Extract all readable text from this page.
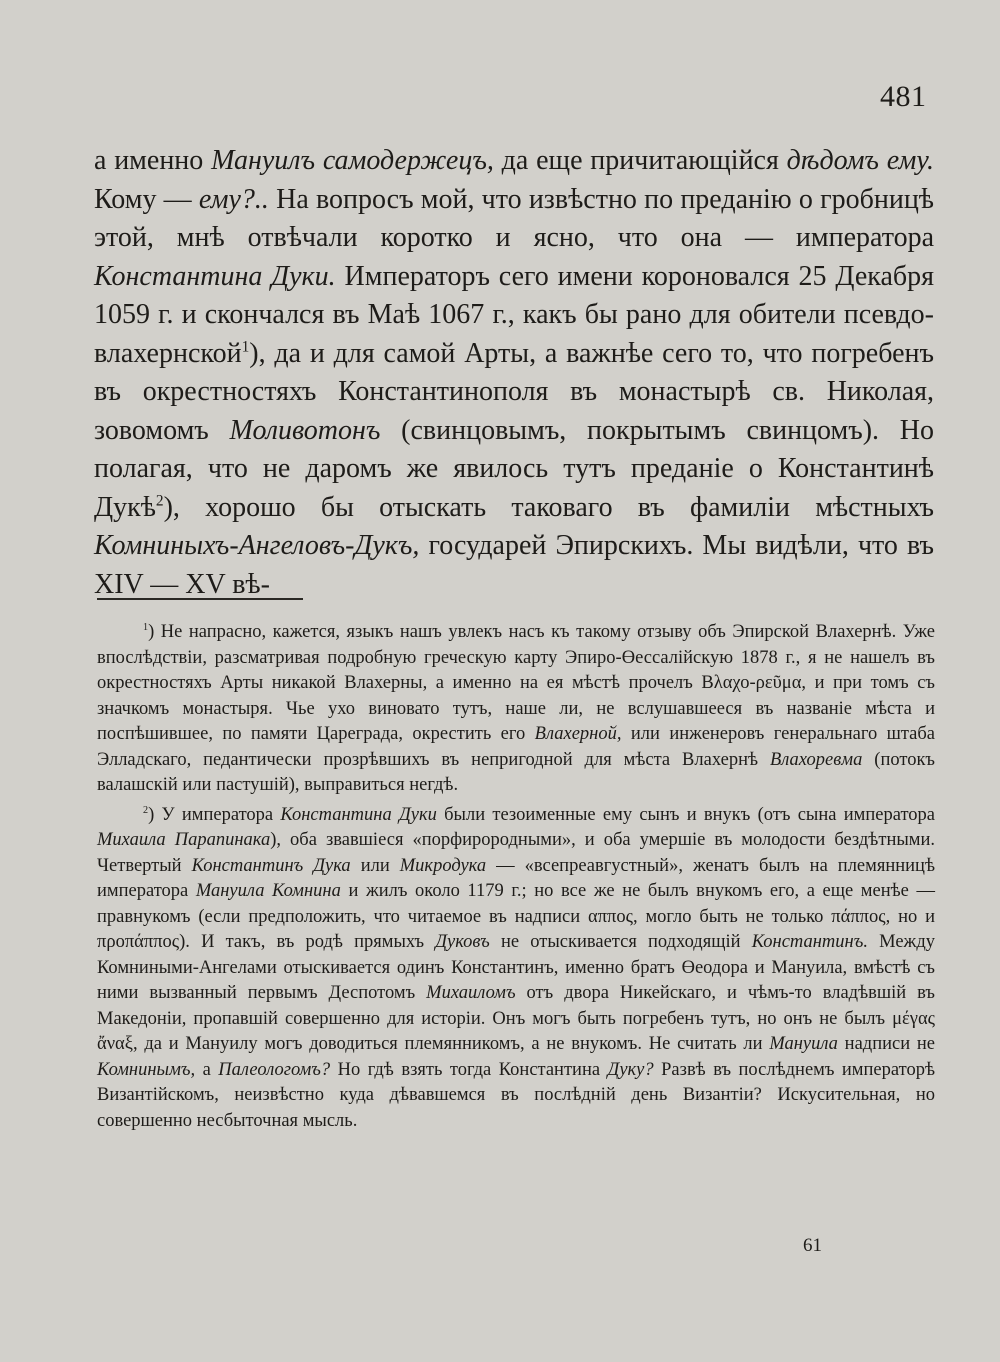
481

а именно Мануилъ самодержецъ, да еще причитающійся дѣдомъ ему. Кому — ему?.. На вопросъ мой, что извѣстно по преданію о гробницѣ этой, мнѣ отвѣчали коротко и ясно, что она — императора Константина Дуки. Императоръ сего имени короновался 25 Декабря 1059 г. и скончался въ Маѣ 1067 г., какъ бы рано для обители псевдо-влахернской$^1$), да и для самой Арты, а важнѣе сего то, что погребенъ въ окрестностяхъ Константинополя въ монастырѣ св. Николая, зовомомъ Моливотонъ (свинцовымъ, покрытымъ свинцомъ). Но полагая, что не даромъ же явилось тутъ преданіе о Константинѣ Дукѣ$^2$), хорошо бы отыскать таковаго въ фамиліи мѣстныхъ Комниныхъ-Ангеловъ-Дукъ, государей Эпирскихъ. Мы видѣли, что въ XIV — XV вѣ-

$^1$) Не напрасно, кажется, языкъ нашъ увлекъ насъ къ такому отзыву объ Эпирской Влахернѣ. Уже впослѣдствіи, разсматривая подробную греческую карту Эпиро-Өессалійскую 1878 г., я не нашелъ въ окрестностяхъ Арты никакой Влахерны, а именно на ея мѣстѣ прочелъ Βλαχο-ρεῦμα, и при томъ съ значкомъ монастыря. Чье ухо виновато тутъ, наше ли, не вслушавшееся въ названіе мѣста и поспѣшившее, по памяти Цареграда, окрестить его Влахерной, или инженеровъ генеральнаго штаба Элладскаго, педантически прозрѣвшихъ въ непригодной для мѣста Влахернѣ Влахоревма (потокъ валашскій или пастушій), выправиться негдѣ.

$^2$) У императора Константина Дуки были тезоименные ему сынъ и внукъ (отъ сына императора Михаила Парапинака), оба звавшіеся «порфирородными», и оба умершіе въ молодости бездѣтными. Четвертый Константинъ Дука или Микродука — «всепреавгустный», женатъ былъ на племянницѣ императора Мануила Комнина и жилъ около 1179 г.; но все же не былъ внукомъ его, а еще менѣе — правнукомъ (если предположить, что читаемое въ надписи αππος, могло быть не только πάππος, но и προπάππος). И такъ, въ родѣ прямыхъ Дуковъ не отыскивается подходящій Константинъ. Между Комниными-Ангелами отыскивается одинъ Константинъ, именно братъ Өеодора и Мануила, вмѣстѣ съ ними вызванный первымъ Деспотомъ Михаиломъ отъ двора Никейскаго, и чѣмъ-то владѣвшій въ Македоніи, пропавшій совершенно для исторіи. Онъ могъ быть погребенъ тутъ, но онъ не былъ μέγας ἄναξ, да и Мануилу могъ доводиться племянникомъ, а не внукомъ. Не считать ли Мануила надписи не Комнинымъ, а Палеологомъ? Но гдѣ взять тогда Константина Дуку? Развѣ въ послѣднемъ императорѣ Византійскомъ, неизвѣстно куда дѣвавшемся въ послѣдній день Византіи? Искусительная, но совершенно несбыточная мысль.

61
